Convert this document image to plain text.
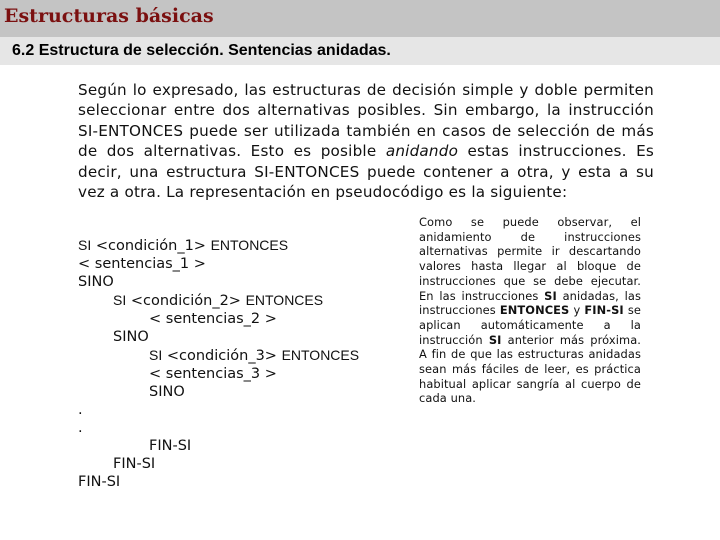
Estructuras básicas
6.2 Estructura de selección. Sentencias anidadas.

Según lo expresado, las estructuras de decisión simple y doble permiten seleccionar entre dos alternativas posibles. Sin embargo, la instrucción SI-ENTONCES puede ser utilizada también en casos de selección de más de dos alternativas. Esto es posible anidando estas instrucciones. Es decir, una estructura SI-ENTONCES puede contener a otra, y esta a su vez a otra. La representación en pseudocódigo es la siguiente:

SI <condición_1> ENTONCES
< sentencias_1 >
SINO
SI <condición_2> ENTONCES
< sentencias_2 >
SINO
SI <condición_3> ENTONCES
< sentencias_3 >
SINO
.
.
FIN-SI
FIN-SI
FIN-SI

Como se puede observar, el anidamiento de instrucciones alternativas permite ir descartando valores hasta llegar al bloque de instrucciones que se debe ejecutar. En las instrucciones SI anidadas, las instrucciones ENTONCES y FIN-SI se aplican automáticamente a la instrucción SI anterior más próxima. A fin de que las estructuras anidadas sean más fáciles de leer, es práctica habitual aplicar sangría al cuerpo de cada una.
